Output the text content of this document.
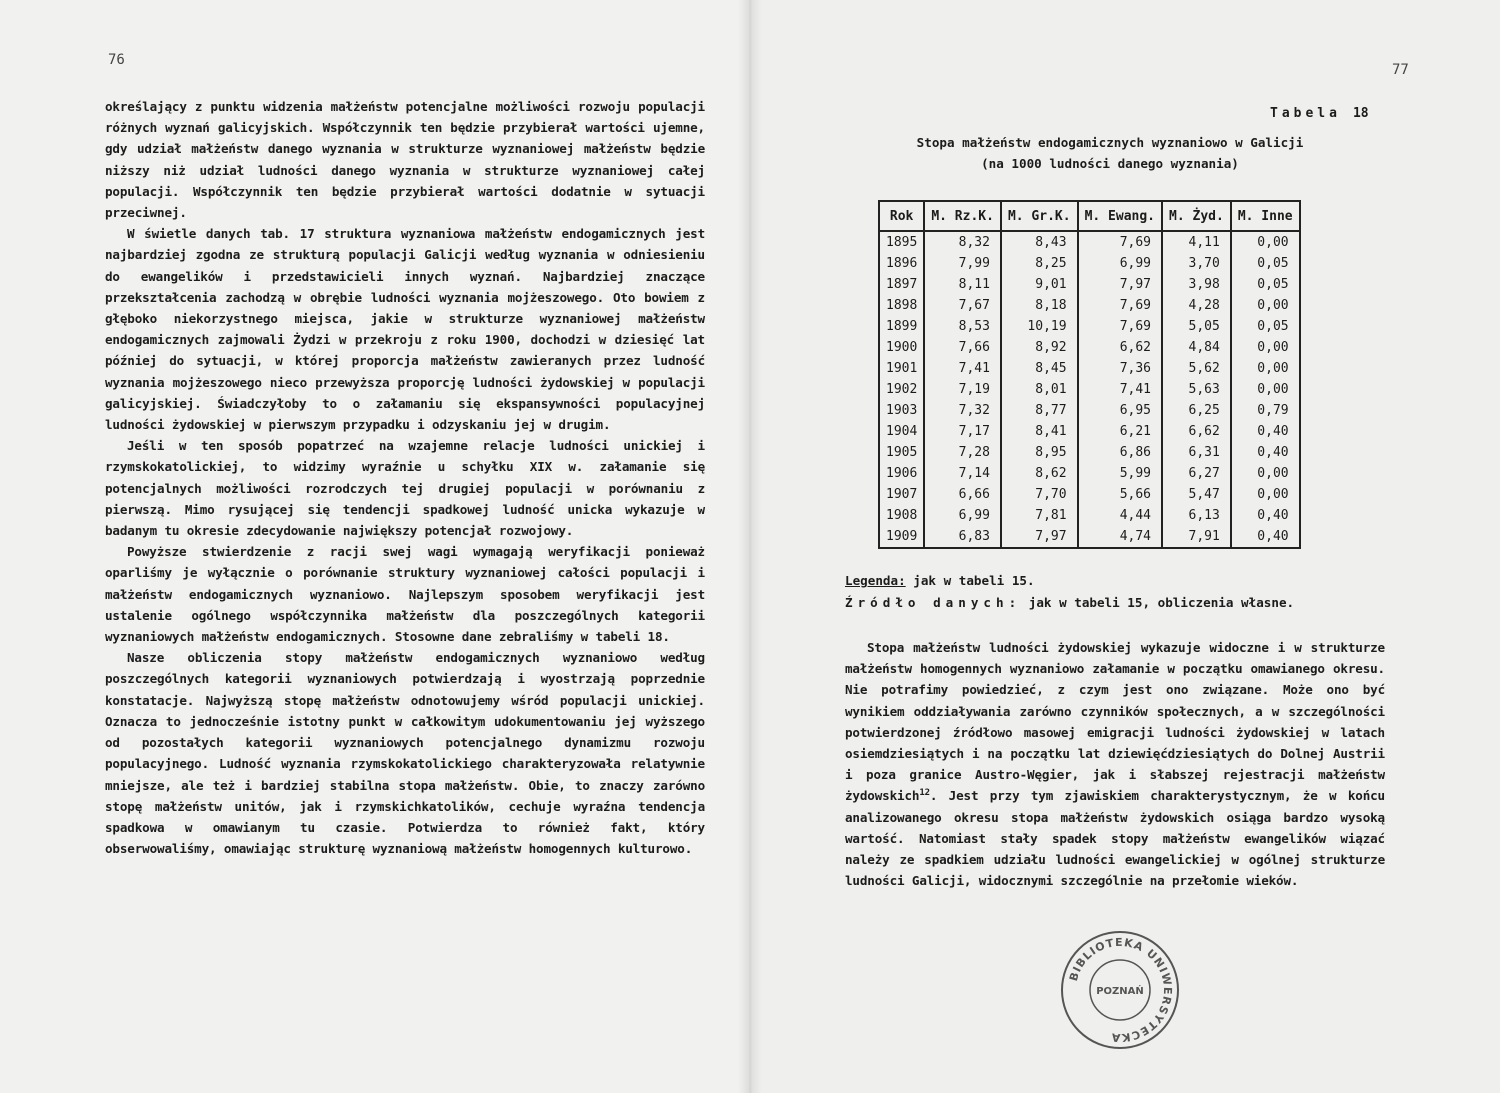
76

określający z punktu widzenia małżeństw potencjalne możliwości rozwoju populacji różnych wyznań galicyjskich. Współczynnik ten będzie przybierał wartości ujemne, gdy udział małżeństw danego wyznania w strukturze wyznaniowej małżeństw będzie niższy niż udział ludności danego wyznania w strukturze wyznaniowej całej populacji. Współczynnik ten będzie przybierał wartości dodatnie w sytuacji przeciwnej.

W świetle danych tab. 17 struktura wyznaniowa małżeństw endogamicznych jest najbardziej zgodna ze strukturą populacji Galicji według wyznania w odniesieniu do ewangelików i przedstawicieli innych wyznań. Najbardziej znaczące przekształcenia zachodzą w obrębie ludności wyznania mojżeszowego. Oto bowiem z głęboko niekorzystnego miejsca, jakie w strukturze wyznaniowej małżeństw endogamicznych zajmowali Żydzi w przekroju z roku 1900, dochodzi w dziesięć lat później do sytuacji, w której proporcja małżeństw zawieranych przez ludność wyznania mojżeszowego nieco przewyższa proporcję ludności żydowskiej w populacji galicyjskiej. Świadczyłoby to o załamaniu się ekspansywności populacyjnej ludności żydowskiej w pierwszym przypadku i odzyskaniu jej w drugim.

Jeśli w ten sposób popatrzeć na wzajemne relacje ludności unickiej i rzymskokatolickiej, to widzimy wyraźnie u schyłku XIX w. załamanie się potencjalnych możliwości rozrodczych tej drugiej populacji w porównaniu z pierwszą. Mimo rysującej się tendencji spadkowej ludność unicka wykazuje w badanym tu okresie zdecydowanie największy potencjał rozwojowy.

Powyższe stwierdzenie z racji swej wagi wymagają weryfikacji ponieważ oparliśmy je wyłącznie o porównanie struktury wyznaniowej całości populacji i małżeństw endogamicznych wyznaniowo. Najlepszym sposobem weryfikacji jest ustalenie ogólnego współczynnika małżeństw dla poszczególnych kategorii wyznaniowych małżeństw endogamicznych. Stosowne dane zebraliśmy w tabeli 18.

Nasze obliczenia stopy małżeństw endogamicznych wyznaniowo według poszczególnych kategorii wyznaniowych potwierdzają i wyostrzają poprzednie konstatacje. Najwyższą stopę małżeństw odnotowujemy wśród populacji unickiej. Oznacza to jednocześnie istotny punkt w całkowitym udokumentowaniu jej wyższego od pozostałych kategorii wyznaniowych potencjalnego dynamizmu rozwoju populacyjnego. Ludność wyznania rzymskokatolickiego charakteryzowała relatywnie mniejsze, ale też i bardziej stabilna stopa małżeństw. Obie, to znaczy zarówno stopę małżeństw unitów, jak i rzymskichkatolików, cechuje wyraźna tendencja spadkowa w omawianym tu czasie. Potwierdza to również fakt, który obserwowaliśmy, omawiając strukturę wyznaniową małżeństw homogennych kulturowo.

77
Tabela 18
Stopa małżeństw endogamicznych wyznaniowo w Galicji
(na 1000 ludności danego wyznania)
Rok	M. Rz.K.	M. Gr.K.	M. Ewang.	M. Żyd.	M. Inne
1895	8,32	8,43	7,69	4,11	0,00
1896	7,99	8,25	6,99	3,70	0,05
1897	8,11	9,01	7,97	3,98	0,05
1898	7,67	8,18	7,69	4,28	0,00
1899	8,53	10,19	7,69	5,05	0,05
1900	7,66	8,92	6,62	4,84	0,00
1901	7,41	8,45	7,36	5,62	0,00
1902	7,19	8,01	7,41	5,63	0,00
1903	7,32	8,77	6,95	6,25	0,79
1904	7,17	8,41	6,21	6,62	0,40
1905	7,28	8,95	6,86	6,31	0,40
1906	7,14	8,62	5,99	6,27	0,00
1907	6,66	7,70	5,66	5,47	0,00
1908	6,99	7,81	4,44	6,13	0,40
1909	6,83	7,97	4,74	7,91	0,40
Legenda: jak w tabeli 15.
Źródło danych: jak w tabeli 15, obliczenia własne.

Stopa małżeństw ludności żydowskiej wykazuje widoczne i w strukturze małżeństw homogennych wyznaniowo załamanie w początku omawianego okresu. Nie potrafimy powiedzieć, z czym jest ono związane. Może ono być wynikiem oddziaływania zarówno czynników społecznych, a w szczególności potwierdzonej źródłowo masowej emigracji ludności żydowskiej w latach osiemdziesiątych i na początku lat dziewięćdziesiątych do Dolnej Austrii i poza granice Austro-Węgier, jak i słabszej rejestracji małżeństw żydowskich$^{12}$. Jest przy tym zjawiskiem charakterystycznym, że w końcu analizowanego okresu stopa małżeństw żydowskich osiąga bardzo wysoką wartość. Natomiast stały spadek stopy małżeństw ewangelików wiązać należy ze spadkiem udziału ludności ewangelickiej w ogólnej strukturze ludności Galicji, widocznymi szczególnie na przełomie wieków.

BIBLIOTEKA UNIWERSYTECKA
POZNAŃ
